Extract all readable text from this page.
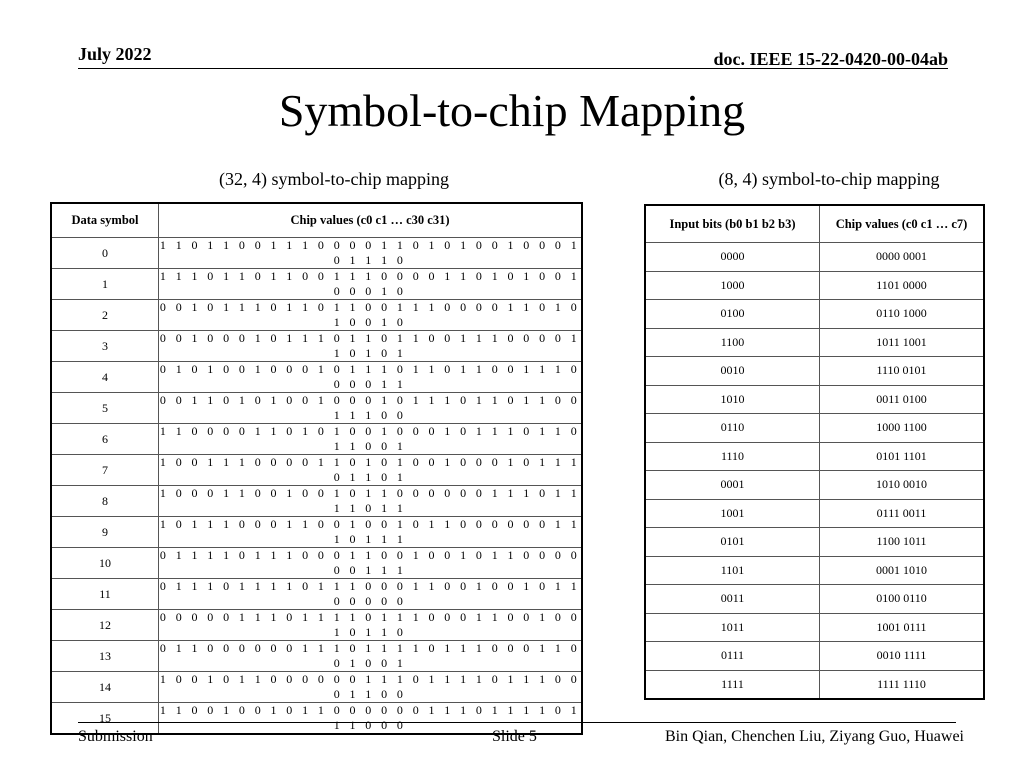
July 2022	doc. IEEE 15-22-0420-00-04ab
Symbol-to-chip Mapping
(32, 4) symbol-to-chip mapping	(8, 4) symbol-to-chip mapping
Data symbol	Chip values (c0 c1 … c30 c31)
0	1 1 0 1 1 0 0 1 1 1 0 0 0 0 1 1 0 1 0 1 0 0 1 0 0 0 1 0 1 1 1 0
1	1 1 1 0 1 1 0 1 1 0 0 1 1 1 0 0 0 0 1 1 0 1 0 1 0 0 1 0 0 0 1 0
2	0 0 1 0 1 1 1 0 1 1 0 1 1 0 0 1 1 1 0 0 0 0 1 1 0 1 0 1 0 0 1 0
3	0 0 1 0 0 0 1 0 1 1 1 0 1 1 0 1 1 0 0 1 1 1 0 0 0 0 1 1 0 1 0 1
4	0 1 0 1 0 0 1 0 0 0 1 0 1 1 1 0 1 1 0 1 1 0 0 1 1 1 0 0 0 0 1 1
5	0 0 1 1 0 1 0 1 0 0 1 0 0 0 1 0 1 1 1 0 1 1 0 1 1 0 0 1 1 1 0 0
6	1 1 0 0 0 0 1 1 0 1 0 1 0 0 1 0 0 0 1 0 1 1 1 0 1 1 0 1 1 0 0 1
7	1 0 0 1 1 1 0 0 0 0 1 1 0 1 0 1 0 0 1 0 0 0 1 0 1 1 1 0 1 1 0 1
8	1 0 0 0 1 1 0 0 1 0 0 1 0 1 1 0 0 0 0 0 0 1 1 1 0 1 1 1 1 0 1 1
9	1 0 1 1 1 0 0 0 1 1 0 0 1 0 0 1 0 1 1 0 0 0 0 0 0 1 1 1 0 1 1 1
10	0 1 1 1 1 0 1 1 1 0 0 0 1 1 0 0 1 0 0 1 0 1 1 0 0 0 0 0 0 1 1 1
11	0 1 1 1 0 1 1 1 1 0 1 1 1 0 0 0 1 1 0 0 1 0 0 1 0 1 1 0 0 0 0 0
12	0 0 0 0 0 1 1 1 0 1 1 1 1 0 1 1 1 0 0 0 1 1 0 0 1 0 0 1 0 1 1 0
13	0 1 1 0 0 0 0 0 0 1 1 1 0 1 1 1 1 0 1 1 1 0 0 0 1 1 0 0 1 0 0 1
14	1 0 0 1 0 1 1 0 0 0 0 0 0 1 1 1 0 1 1 1 1 0 1 1 1 0 0 0 1 1 0 0
15	1 1 0 0 1 0 0 1 0 1 1 0 0 0 0 0 0 1 1 1 0 1 1 1 1 0 1 1 1 0 0 0
Input bits (b0 b1 b2 b3)	Chip values (c0 c1 … c7)
0000	0000 0001
1000	1101 0000
0100	0110 1000
1100	1011 1001
0010	1110 0101
1010	0011 0100
0110	1000 1100
1110	0101 1101
0001	1010 0010
1001	0111 0011
0101	1100 1011
1101	0001 1010
0011	0100 0110
1011	1001 0111
0111	0010 1111
1111	1111 1110
Submission	Slide 5	Bin Qian, Chenchen Liu, Ziyang Guo, Huawei
